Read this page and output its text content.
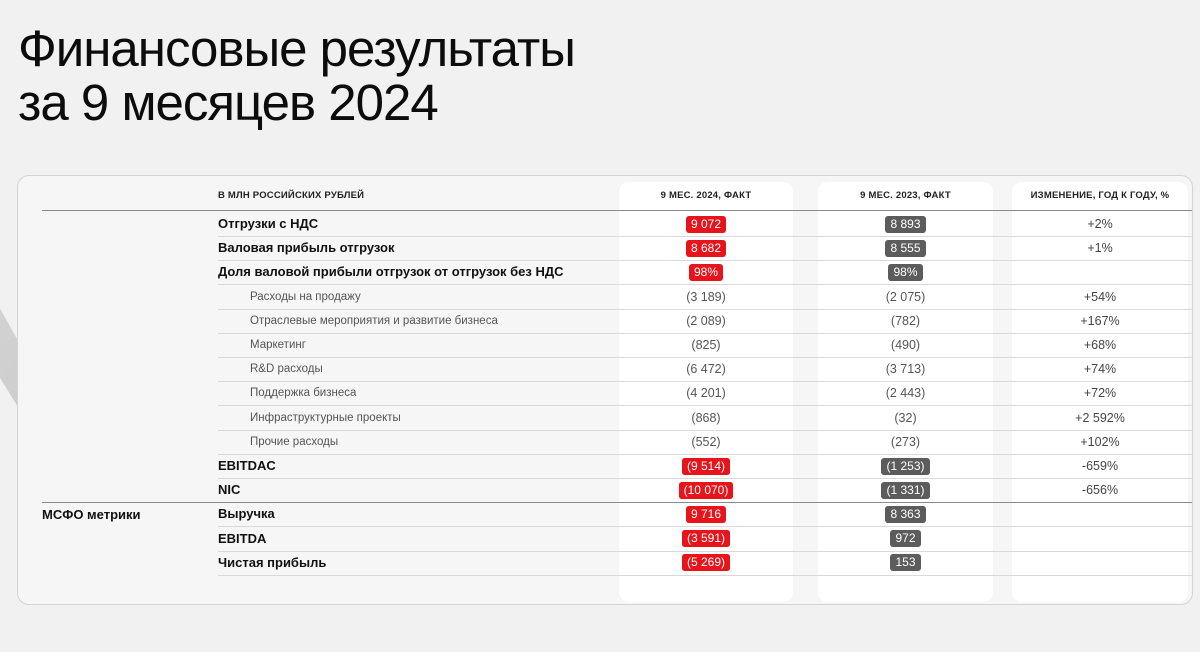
Финансовые результаты
за 9 месяцев 2024
В МЛН РОССИЙСКИХ РУБЛЕЙ	9 МЕС. 2024, ФАКТ	9 МЕС. 2023, ФАКТ	ИЗМЕНЕНИЕ, ГОД К ГОДУ, %
МСФО метрики
Отгрузки с НДС	9 072	8 893	+2%
Валовая прибыль отгрузок	8 682	8 555	+1%
Доля валовой прибыли отгрузок от отгрузок без НДС	98%	98%
Расходы на продажу	(3 189)	(2 075)	+54%
Отраслевые мероприятия и развитие бизнеса	(2 089)	(782)	+167%
Маркетинг	(825)	(490)	+68%
R&D расходы	(6 472)	(3 713)	+74%
Поддержка бизнеса	(4 201)	(2 443)	+72%
Инфраструктурные проекты	(868)	(32)	+2 592%
Прочие расходы	(552)	(273)	+102%
EBITDAC	(9 514)	(1 253)	-659%
NIC	(10 070)	(1 331)	-656%
Выручка	9 716	8 363
EBITDA	(3 591)	972
Чистая прибыль	(5 269)	153
